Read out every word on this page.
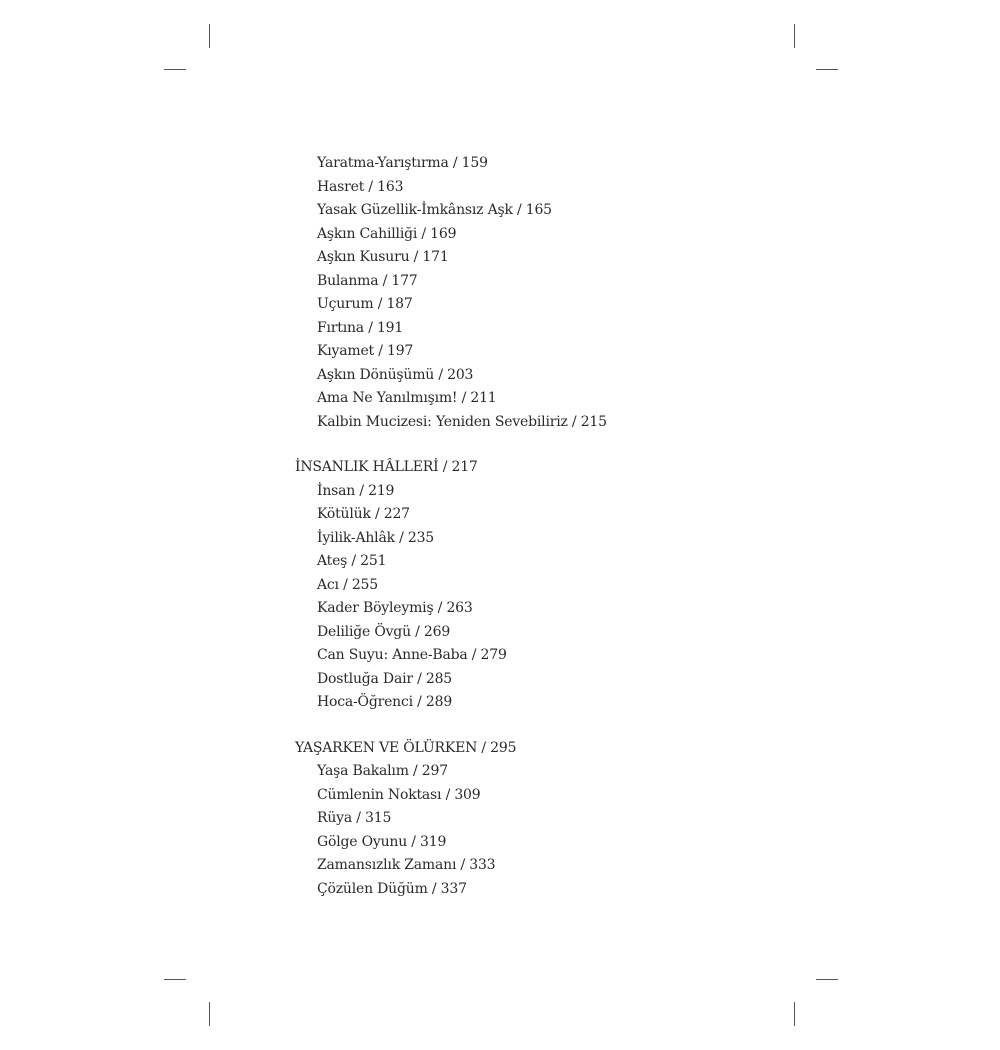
Yaratma-Yarıştırma / 159
Hasret / 163
Yasak Güzellik-İmkânsız Aşk / 165
Aşkın Cahilliği / 169
Aşkın Kusuru / 171
Bulanma / 177
Uçurum / 187
Fırtına / 191
Kıyamet / 197
Aşkın Dönüşümü / 203
Ama Ne Yanılmışım! / 211
Kalbin Mucizesi: Yeniden Sevebiliriz / 215
İNSANLIK HÂLLERİ / 217
İnsan / 219
Kötülük / 227
İyilik-Ahlâk / 235
Ateş / 251
Acı / 255
Kader Böyleymiş / 263
Deliliğe Övgü / 269
Can Suyu: Anne-Baba / 279
Dostluğa Dair / 285
Hoca-Öğrenci / 289
YAŞARKEN VE ÖLÜRKEN / 295
Yaşa Bakalım / 297
Cümlenin Noktası / 309
Rüya / 315
Gölge Oyunu / 319
Zamansızlık Zamanı / 333
Çözülen Düğüm / 337
